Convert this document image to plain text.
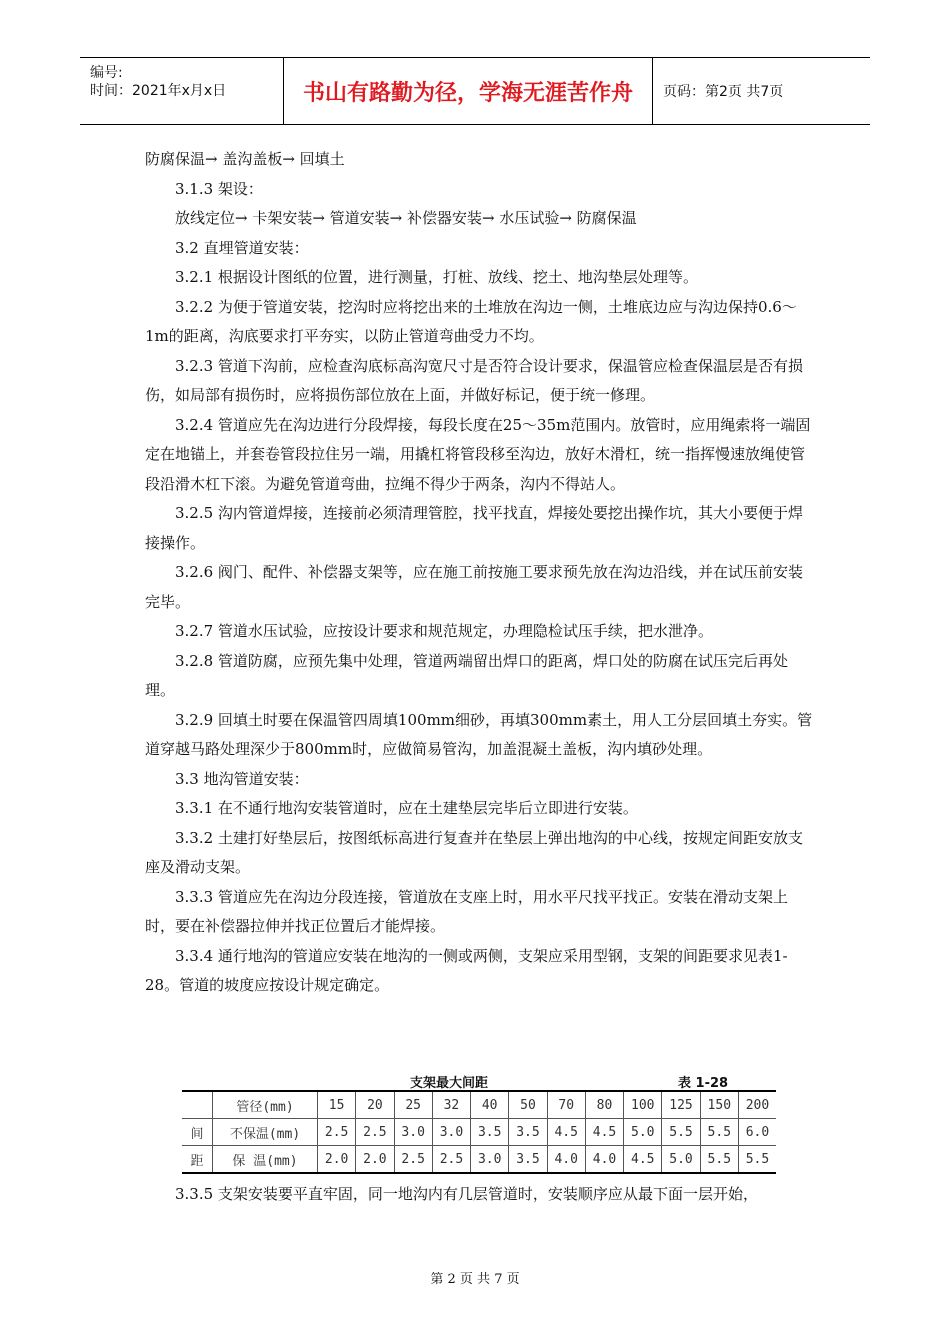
编号:
时间：2021年x月x日	书山有路勤为径，学海无涯苦作舟	页码：第2页 共7页

防腐保温→ 盖沟盖板→ 回填土

3.1.3 架设：

放线定位→ 卡架安装→ 管道安装→ 补偿器安装→ 水压试验→ 防腐保温

3.2 直埋管道安装：

3.2.1 根据设计图纸的位置，进行测量，打桩、放线、挖土、地沟垫层处理等。

3.2.2 为便于管道安装，挖沟时应将挖出来的土堆放在沟边一侧，土堆底边应与沟边保持0.6～1m的距离，沟底要求打平夯实，以防止管道弯曲受力不均。

3.2.3 管道下沟前，应检查沟底标高沟宽尺寸是否符合设计要求，保温管应检查保温层是否有损伤，如局部有损伤时，应将损伤部位放在上面，并做好标记，便于统一修理。

3.2.4 管道应先在沟边进行分段焊接，每段长度在25～35m范围内。放管时，应用绳索将一端固定在地锚上，并套卷管段拉住另一端，用撬杠将管段移至沟边，放好木滑杠，统一指挥慢速放绳使管段沿滑木杠下滚。为避免管道弯曲，拉绳不得少于两条，沟内不得站人。

3.2.5 沟内管道焊接，连接前必须清理管腔，找平找直，焊接处要挖出操作坑，其大小要便于焊接操作。

3.2.6 阀门、配件、补偿器支架等，应在施工前按施工要求预先放在沟边沿线，并在试压前安装完毕。

3.2.7 管道水压试验，应按设计要求和规范规定，办理隐检试压手续，把水泄净。

3.2.8 管道防腐，应预先集中处理，管道两端留出焊口的距离，焊口处的防腐在试压完后再处理。

3.2.9 回填土时要在保温管四周填100mm细砂，再填300mm素土，用人工分层回填土夯实。管道穿越马路处理深少于800mm时，应做简易管沟，加盖混凝土盖板，沟内填砂处理。

3.3 地沟管道安装：

3.3.1 在不通行地沟安装管道时，应在土建垫层完毕后立即进行安装。

3.3.2 土建打好垫层后，按图纸标高进行复查并在垫层上弹出地沟的中心线，按规定间距安放支座及滑动支架。

3.3.3 管道应先在沟边分段连接，管道放在支座上时，用水平尺找平找正。安装在滑动支架上时，要在补偿器拉伸并找正位置后才能焊接。

3.3.4 通行地沟的管道应安装在地沟的一侧或两侧，支架应采用型钢，支架的间距要求见表1-28。管道的坡度应按设计规定确定。

支架最大间距	表 1-28
	管径(mm)	15	20	25	32	40	50	70	80	100	125	150	200
间	不保温(mm)	2.5	2.5	3.0	3.0	3.5	3.5	4.5	4.5	5.0	5.5	5.5	6.0
距	保 温(mm)	2.0	2.0	2.5	2.5	3.0	3.5	4.0	4.0	4.5	5.0	5.5	5.5

3.3.5 支架安装要平直牢固，同一地沟内有几层管道时，安装顺序应从最下面一层开始，

第 2 页 共 7 页
